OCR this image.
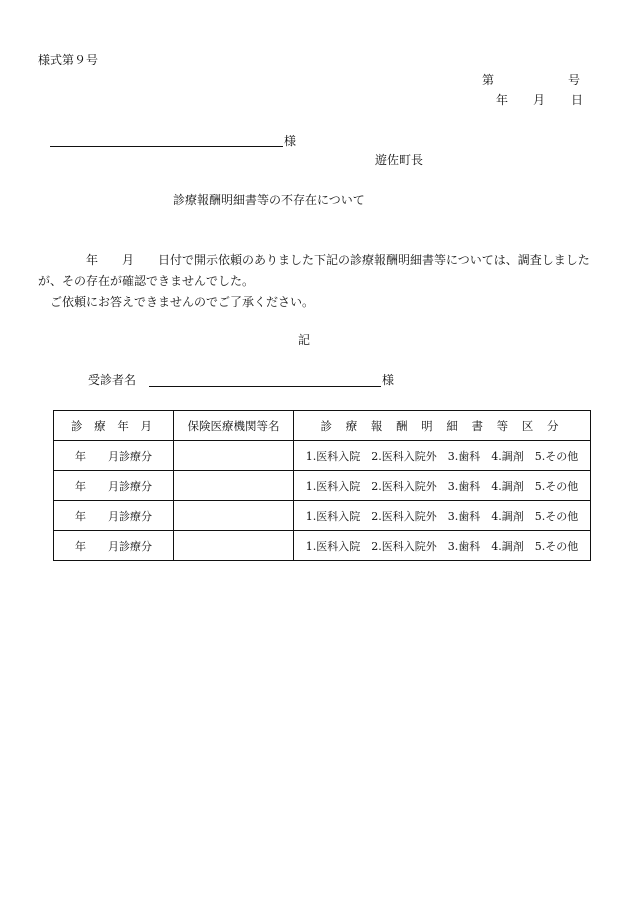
様式第９号
第	号
年 月 日
様
遊佐町長
診療報酬明細書等の不存在について
　　　　年　　月　　日付で開示依頼のありました下記の診療報酬明細書等については、調査しましたが、その存在が確認できませんでした。
　ご依頼にお答えできませんのでご了承ください。
記
受診者名	様
診 療 年 月	保険医療機関等名	診 療 報 酬 明 細 書 等 区 分
年　　月診療分		1.医科入院　2.医科入院外　3.歯科　4.調剤　5.その他
年　　月診療分		1.医科入院　2.医科入院外　3.歯科　4.調剤　5.その他
年　　月診療分		1.医科入院　2.医科入院外　3.歯科　4.調剤　5.その他
年　　月診療分		1.医科入院　2.医科入院外　3.歯科　4.調剤　5.その他
